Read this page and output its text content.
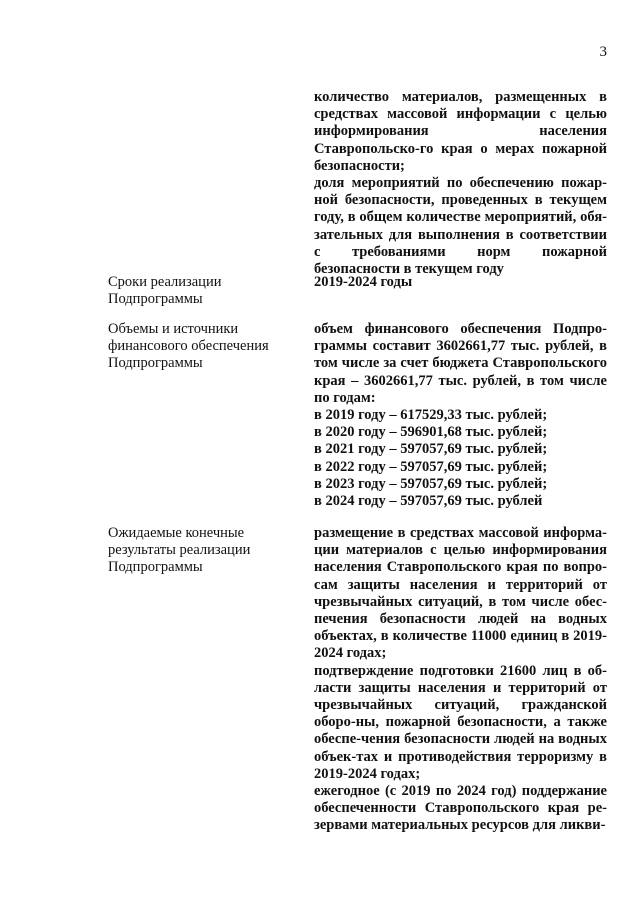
3

количество материалов, размещенных в средствах массовой информации с целью информирования населения Ставропольско-го края о мерах пожарной безопасности;

доля мероприятий по обеспечению пожар-ной безопасности, проведенных в текущем году, в общем количестве мероприятий, обя-зательных для выполнения в соответствии с требованиями норм пожарной безопасности в текущем году

Сроки реализации Подпрограммы
2019-2024 годы
Объемы и источники финансового обеспечения Подпрограммы

объем финансового обеспечения Подпро-граммы составит 3602661,77 тыс. рублей, в том числе за счет бюджета Ставропольского края – 3602661,77 тыс. рублей, в том числе по годам:

в 2019 году – 617529,33 тыс. рублей;
в 2020 году – 596901,68 тыс. рублей;
в 2021 году – 597057,69 тыс. рублей;
в 2022 году – 597057,69 тыс. рублей;
в 2023 году – 597057,69 тыс. рублей;
в 2024 году – 597057,69 тыс. рублей
Ожидаемые конечные результаты реализации Подпрограммы

размещение в средствах массовой информа-ции материалов с целью информирования населения Ставропольского края по вопро-сам защиты населения и территорий от чрезвычайных ситуаций, в том числе обес-печения безопасности людей на водных объектах, в количестве 11000 единиц в 2019-2024 годах;

подтверждение подготовки 21600 лиц в об-ласти защиты населения и территорий от чрезвычайных ситуаций, гражданской оборо-ны, пожарной безопасности, а также обеспе-чения безопасности людей на водных объек-тах и противодействия терроризму в 2019-2024 годах;

ежегодное (с 2019 по 2024 год) поддержание обеспеченности Ставропольского края ре-зервами материальных ресурсов для ликви-
